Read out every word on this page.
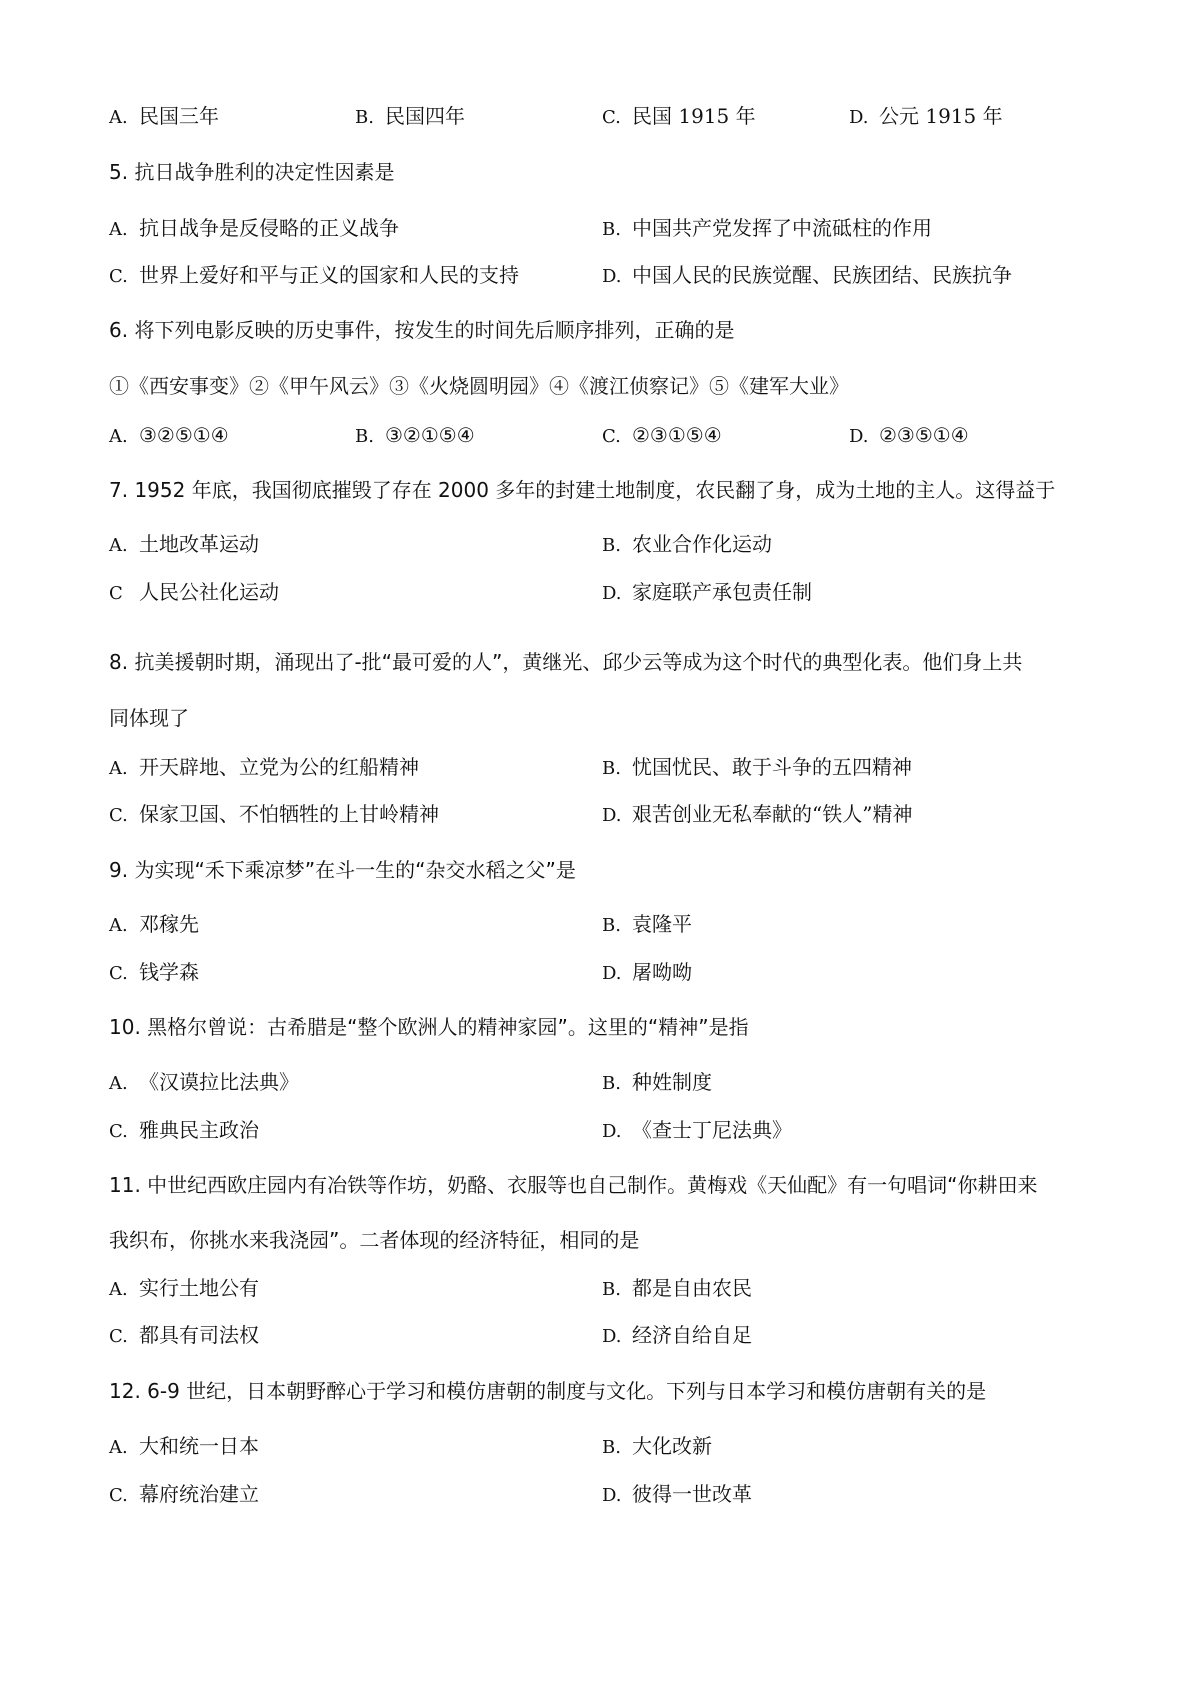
A. 民国三年	B. 民国四年	C. 民国 1915 年	D. 公元 1915 年
5. 抗日战争胜利的决定性因素是
A. 抗日战争是反侵略的正义战争	B. 中国共产党发挥了中流砥柱的作用
C. 世界上爱好和平与正义的国家和人民的支持	D. 中国人民的民族觉醒、民族团结、民族抗争
6. 将下列电影反映的历史事件，按发生的时间先后顺序排列，正确的是
①《西安事变》②《甲午风云》③《火烧圆明园》④《渡江侦察记》⑤《建军大业》
A. ③②⑤①④	B. ③②①⑤④	C. ②③①⑤④	D. ②③⑤①④
7. 1952 年底，我国彻底摧毁了存在 2000 多年的封建土地制度，农民翻了身，成为土地的主人。这得益于
A. 土地改革运动	B. 农业合作化运动
C 人民公社化运动	D. 家庭联产承包责任制
8. 抗美援朝时期，涌现出了-批“最可爱的人”，黄继光、邱少云等成为这个时代的典型化表。他们身上共
同体现了
A. 开天辟地、立党为公的红船精神	B. 忧国忧民、敢于斗争的五四精神
C. 保家卫国、不怕牺牲的上甘岭精神	D. 艰苦创业无私奉献的“铁人”精神
9. 为实现“禾下乘凉梦”在斗一生的“杂交水稻之父”是
A. 邓稼先	B. 袁隆平
C. 钱学森	D. 屠呦呦
10. 黑格尔曾说：古希腊是“整个欧洲人的精神家园”。这里的“精神”是指
A. 《汉谟拉比法典》	B. 种姓制度
C. 雅典民主政治	D. 《查士丁尼法典》
11. 中世纪西欧庄园内有冶铁等作坊，奶酪、衣服等也自己制作。黄梅戏《天仙配》有一句唱词“你耕田来
我织布，你挑水来我浇园”。二者体现的经济特征，相同的是
A. 实行土地公有	B. 都是自由农民
C. 都具有司法权	D. 经济自给自足
12. 6-9 世纪，日本朝野醉心于学习和模仿唐朝的制度与文化。下列与日本学习和模仿唐朝有关的是
A. 大和统一日本	B. 大化改新
C. 幕府统治建立	D. 彼得一世改革
